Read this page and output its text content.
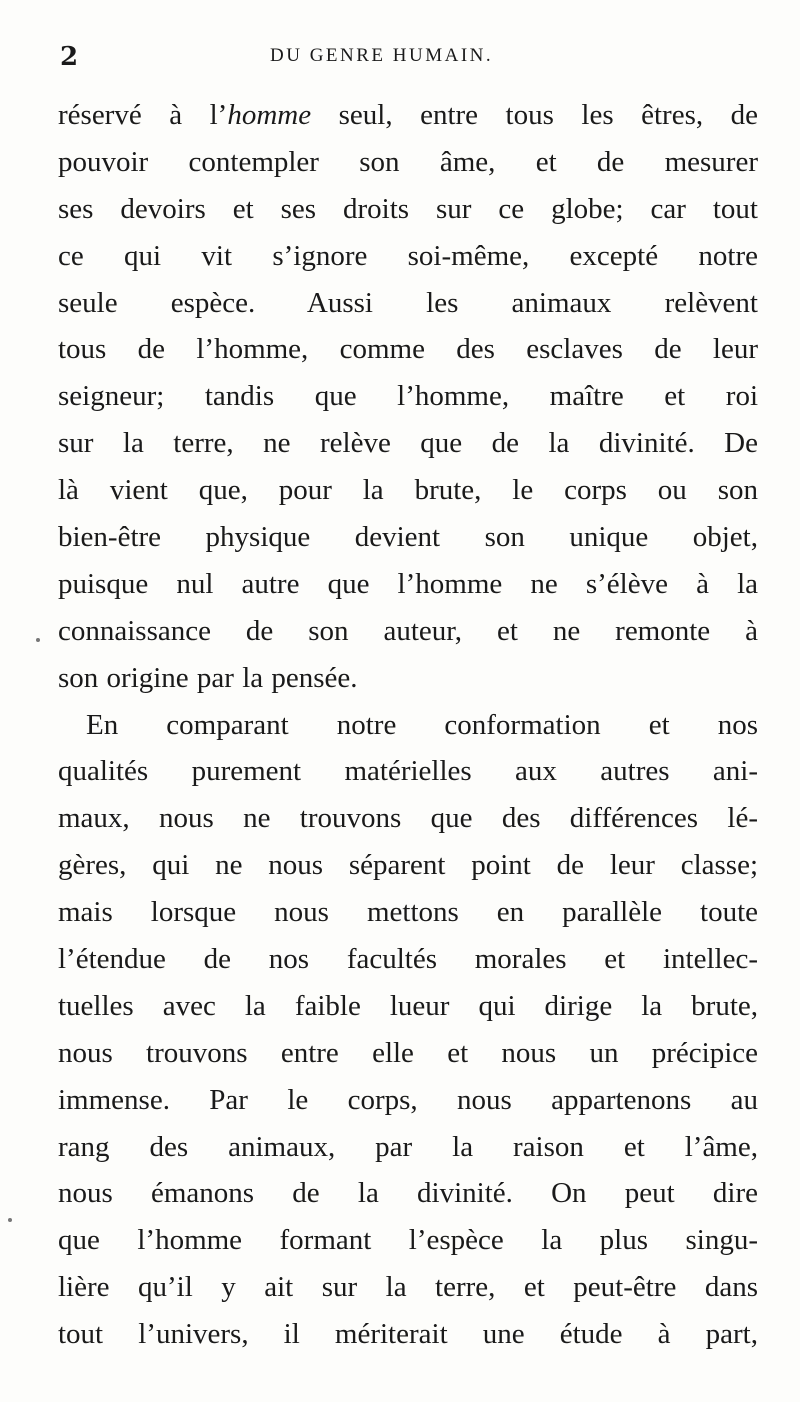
2	DU GENRE HUMAIN.
réservé à l’homme seul, entre tous les êtres, de
pouvoir contempler son âme, et de mesurer
ses devoirs et ses droits sur ce globe; car tout
ce qui vit s’ignore soi-même, excepté notre
seule espèce. Aussi les animaux relèvent
tous de l’homme, comme des esclaves de leur
seigneur; tandis que l’homme, maître et roi
sur la terre, ne relève que de la divinité. De
là vient que, pour la brute, le corps ou son
bien-être physique devient son unique objet,
puisque nul autre que l’homme ne s’élève à la
connaissance de son auteur, et ne remonte à
son origine par la pensée.
En comparant notre conformation et nos
qualités purement matérielles aux autres ani-
maux, nous ne trouvons que des différences lé-
gères, qui ne nous séparent point de leur classe;
mais lorsque nous mettons en parallèle toute
l’étendue de nos facultés morales et intellec-
tuelles avec la faible lueur qui dirige la brute,
nous trouvons entre elle et nous un précipice
immense. Par le corps, nous appartenons au
rang des animaux, par la raison et l’âme,
nous émanons de la divinité. On peut dire
que l’homme formant l’espèce la plus singu-
lière qu’il y ait sur la terre, et peut-être dans
tout l’univers, il mériterait une étude à part,
